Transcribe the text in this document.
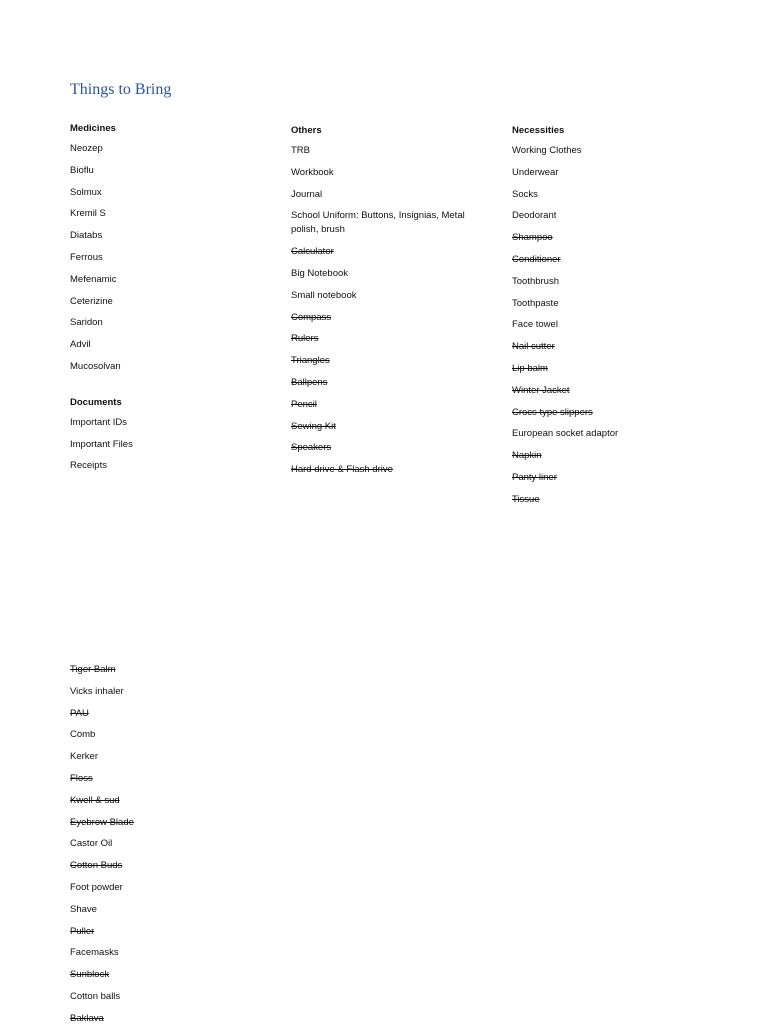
Things to Bring
Medicines
Neozep
Bioflu
Solmux
Kremil S
Diatabs
Ferrous
Mefenamic
Ceterizine
Saridon
Advil
Mucosolvan
Documents
Important IDs
Important Files
Receipts
Others
TRB
Workbook
Journal
School Uniform: Buttons, Insignias, Metal polish, brush
Calculator
Big Notebook
Small notebook
Compass
Rulers
Triangles
Ballpens
Pencil
Sewing Kit
Speakers
Hard drive & Flash drive
Necessities
Working Clothes
Underwear
Socks
Deodorant
Shampoo
Conditioner
Toothbrush
Toothpaste
Face towel
Nail cutter
Lip balm
Winter Jacket
Crocs type slippers
European socket adaptor
Napkin
Panty liner
Tissue
Tiger Balm
Vicks inhaler
PAU
Comb
Kerker
Floss
Kwell & sud
Eyebrow Blade
Castor Oil
Cotton Buds
Foot powder
Shave
Puller
Facemasks
Sunblock
Cotton balls
Baklava
